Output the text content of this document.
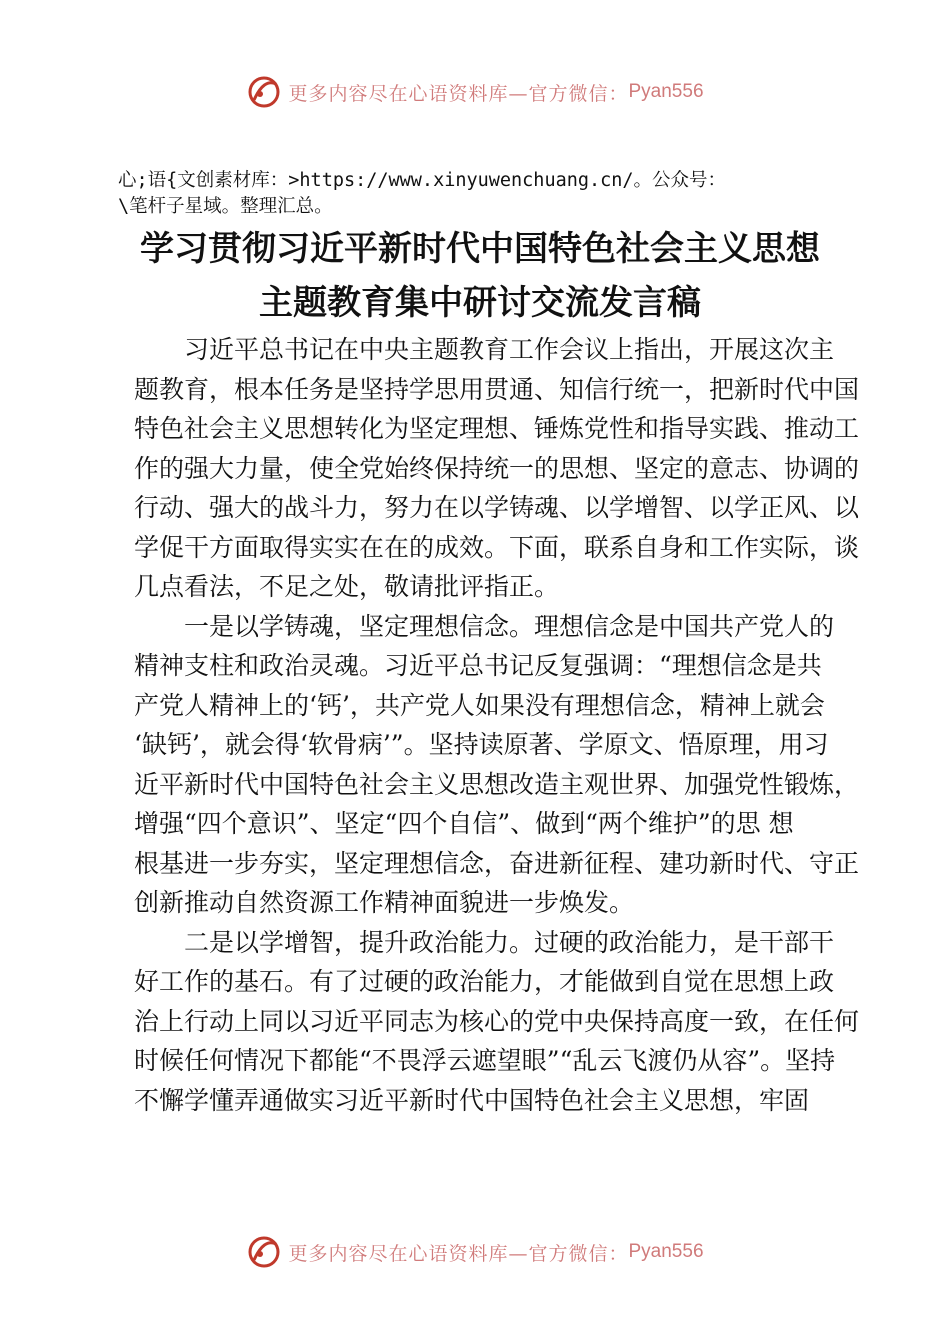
更多内容尽在心语资料库—官方微信： Pyan556
心;语{文创素材库：>https://www.xinyuwenchuang.cn/。公众号：
\笔杆子星域。整理汇总。
学习贯彻习近平新时代中国特色社会主义思想
主题教育集中研讨交流发言稿

习近平总书记在中央主题教育工作会议上指出，开展这次主
题教育，根本任务是坚持学思用贯通、知信行统一，把新时代中国
特色社会主义思想转化为坚定理想、锤炼党性和指导实践、推动工
作的强大力量，使全党始终保持统一的思想、坚定的意志、协调的
行动、强大的战斗力，努力在以学铸魂、以学增智、以学正风、以
学促干方面取得实实在在的成效。下面，联系自身和工作实际，谈
几点看法，不足之处，敬请批评指正。

一是以学铸魂，坚定理想信念。理想信念是中国共产党人的
精神支柱和政治灵魂。习近平总书记反复强调：“理想信念是共
产党人精神上的‘钙’，共产党人如果没有理想信念，精神上就会
‘缺钙’，就会得‘软骨病’”。坚持读原著、学原文、悟原理，用习
近平新时代中国特色社会主义思想改造主观世界、加强党性锻炼，
增强“四个意识”、坚定“四个自信”、做到“两个维护”的思 想
根基进一步夯实，坚定理想信念，奋进新征程、建功新时代、守正
创新推动自然资源工作精神面貌进一步焕发。

二是以学增智，提升政治能力。过硬的政治能力，是干部干
好工作的基石。有了过硬的政治能力，才能做到自觉在思想上政
治上行动上同以习近平同志为核心的党中央保持高度一致，在任何
时候任何情况下都能“不畏浮云遮望眼”“乱云飞渡仍从容”。坚持
不懈学懂弄通做实习近平新时代中国特色社会主义思想，牢固

更多内容尽在心语资料库—官方微信： Pyan556
